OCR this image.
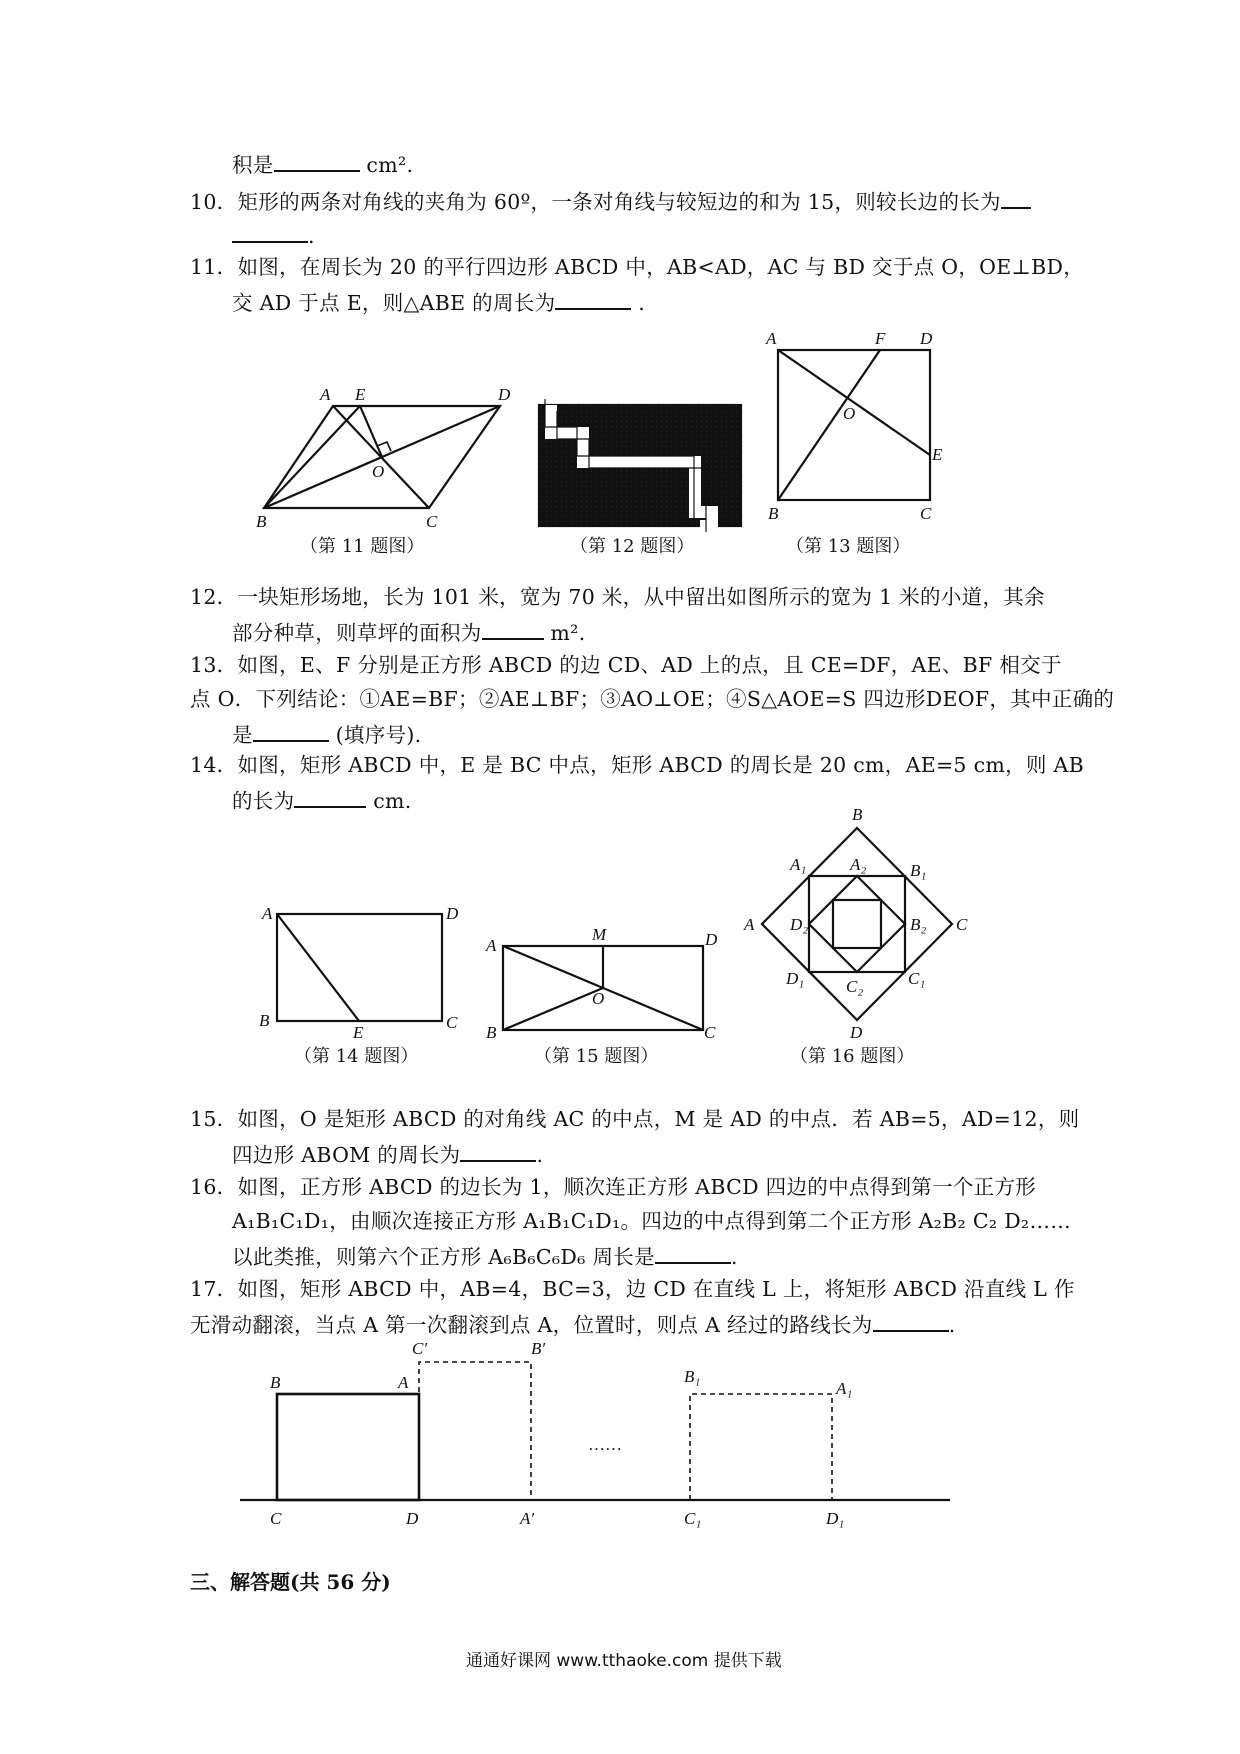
积是	cm².
10．矩形的两条对角线的夹角为 60º，一条对角线与较短边的和为 15，则较长边的长为
.
11．如图，在周长为 20 的平行四边形 ABCD 中，AB<AD，AC 与 BD 交于点 O，OE⊥BD，
交 AD 于点 E，则△ABE 的周长为	.
（第 11 题图）	（第 12 题图）	（第 13 题图）
12．一块矩形场地，长为 101 米，宽为 70 米，从中留出如图所示的宽为 1 米的小道，其余
部分种草，则草坪的面积为	m².
13．如图，E、F 分别是正方形 ABCD 的边 CD、AD 上的点，且 CE=DF，AE、BF 相交于
点 O．下列结论：①AE=BF；②AE⊥BF；③AO⊥OE；④S△AOE=S 四边形DEOF，其中正确的
是	(填序号).
14．如图，矩形 ABCD 中，E 是 BC 中点，矩形 ABCD 的周长是 20 cm，AE=5 cm，则 AB
的长为	cm.
（第 14 题图）	（第 15 题图）	（第 16 题图）
15．如图，O 是矩形 ABCD 的对角线 AC 的中点，M 是 AD 的中点．若 AB=5，AD=12，则
四边形 ABOM 的周长为	.
16．如图，正方形 ABCD 的边长为 1，顺次连正方形 ABCD 四边的中点得到第一个正方形
A₁B₁C₁D₁，由顺次连接正方形 A₁B₁C₁D₁。四边的中点得到第二个正方形 A₂B₂ C₂ D₂……
以此类推，则第六个正方形 A₆B₆C₆D₆ 周长是	.
17．如图，矩形 ABCD 中，AB=4，BC=3，边 CD 在直线 L 上，将矩形 ABCD 沿直线 L 作
无滑动翻滚，当点 A 第一次翻滚到点 A，位置时，则点 A 经过的路线长为	.
三、解答题(共 56 分)
通通好课网 www.tthaoke.com 提供下载
A E	D
O
B	C
A	F D
O
E
B	C
A	D
B
E
C
A
M	D
O
B	C
B
A₁	A₂	B₁
A D₂	B₂ C
D₁ C₂	C₁
D
C′	B′
B	A	B₁
A₁
……
C	D	A′	C₁	D₁
